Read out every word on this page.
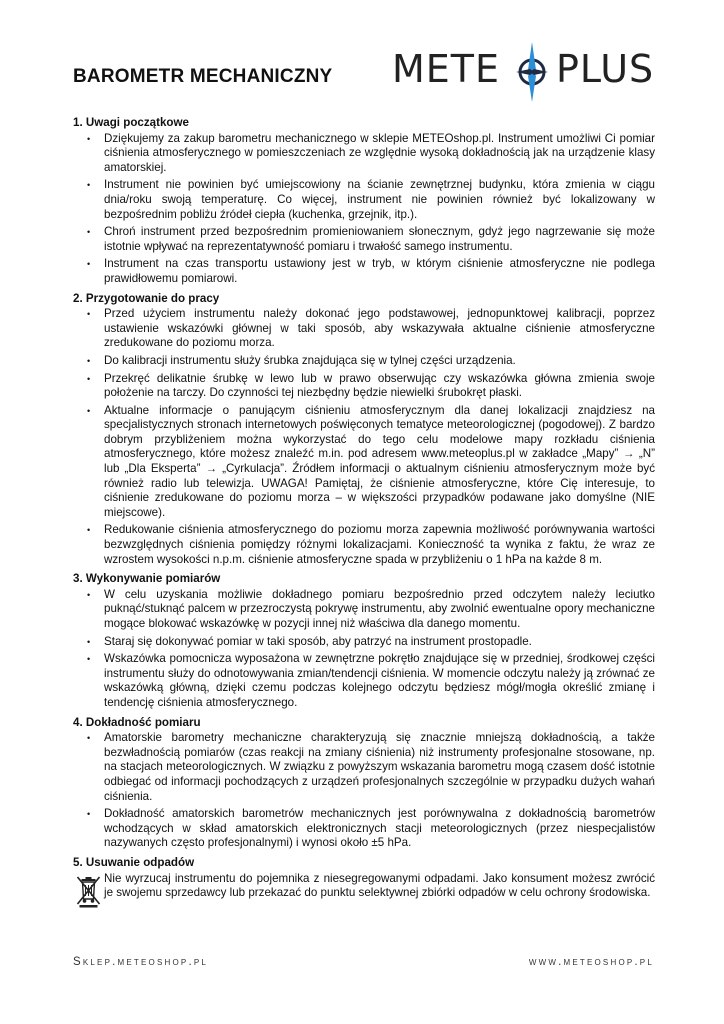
BAROMETR MECHANICZNY METE PLUS
1. Uwagi początkowe
• Dziękujemy za zakup barometru mechanicznego w sklepie METEOshop.pl. Instrument umożliwi Ci pomiar ciśnienia atmosferycznego w pomieszczeniach ze względnie wysoką dokładnością jak na urządzenie klasy amatorskiej.
• Instrument nie powinien być umiejscowiony na ścianie zewnętrznej budynku, która zmienia w ciągu dnia/roku swoją temperaturę. Co więcej, instrument nie powinien również być lokalizowany w bezpośrednim pobliżu źródeł ciepła (kuchenka, grzejnik, itp.).
• Chroń instrument przed bezpośrednim promieniowaniem słonecznym, gdyż jego nagrzewanie się może istotnie wpływać na reprezentatywność pomiaru i trwałość samego instrumentu.
• Instrument na czas transportu ustawiony jest w tryb, w którym ciśnienie atmosferyczne nie podlega prawidłowemu pomiarowi.
2. Przygotowanie do pracy
• Przed użyciem instrumentu należy dokonać jego podstawowej, jednopunktowej kalibracji, poprzez ustawienie wskazówki głównej w taki sposób, aby wskazywała aktualne ciśnienie atmosferyczne zredukowane do poziomu morza.
• Do kalibracji instrumentu służy śrubka znajdująca się w tylnej części urządzenia.
• Przekręć delikatnie śrubkę w lewo lub w prawo obserwując czy wskazówka główna zmienia swoje położenie na tarczy. Do czynności tej niezbędny będzie niewielki śrubokręt płaski.
• Aktualne informacje o panującym ciśnieniu atmosferycznym dla danej lokalizacji znajdziesz na specjalistycznych stronach internetowych poświęconych tematyce meteorologicznej (pogodowej). Z bardzo dobrym przybliżeniem można wykorzystać do tego celu modelowe mapy rozkładu ciśnienia atmosferycznego, które możesz znaleźć m.in. pod adresem www.meteoplus.pl w zakładce „Mapy” → „N” lub „Dla Eksperta” → „Cyrkulacja”. Źródłem informacji o aktualnym ciśnieniu atmosferycznym może być również radio lub telewizja. UWAGA! Pamiętaj, że ciśnienie atmosferyczne, które Cię interesuje, to ciśnienie zredukowane do poziomu morza – w większości przypadków podawane jako domyślne (NIE miejscowe).
• Redukowanie ciśnienia atmosferycznego do poziomu morza zapewnia możliwość porównywania wartości bezwzględnych ciśnienia pomiędzy różnymi lokalizacjami. Konieczność ta wynika z faktu, że wraz ze wzrostem wysokości n.p.m. ciśnienie atmosferyczne spada w przybliżeniu o 1 hPa na każde 8 m.
3. Wykonywanie pomiarów
• W celu uzyskania możliwie dokładnego pomiaru bezpośrednio przed odczytem należy leciutko puknąć/stuknąć palcem w przezroczystą pokrywę instrumentu, aby zwolnić ewentualne opory mechaniczne mogące blokować wskazówkę w pozycji innej niż właściwa dla danego momentu.
• Staraj się dokonywać pomiar w taki sposób, aby patrzyć na instrument prostopadle.
• Wskazówka pomocnicza wyposażona w zewnętrzne pokrętło znajdujące się w przedniej, środkowej części instrumentu służy do odnotowywania zmian/tendencji ciśnienia. W momencie odczytu należy ją zrównać ze wskazówką główną, dzięki czemu podczas kolejnego odczytu będziesz mógł/mogła określić zmianę i tendencję ciśnienia atmosferycznego.
4. Dokładność pomiaru
• Amatorskie barometry mechaniczne charakteryzują się znacznie mniejszą dokładnością, a także bezwładnością pomiarów (czas reakcji na zmiany ciśnienia) niż instrumenty profesjonalne stosowane, np. na stacjach meteorologicznych. W związku z powyższym wskazania barometru mogą czasem dość istotnie odbiegać od informacji pochodzących z urządzeń profesjonalnych szczególnie w przypadku dużych wahań ciśnienia.
• Dokładność amatorskich barometrów mechanicznych jest porównywalna z dokładnością barometrów wchodzących w skład amatorskich elektronicznych stacji meteorologicznych (przez niespecjalistów nazywanych często profesjonalnymi) i wynosi około ±5 hPa.
5. Usuwanie odpadów

Nie wyrzucaj instrumentu do pojemnika z niesegregowanymi odpadami. Jako konsument możesz zwrócić je swojemu sprzedawcy lub przekazać do punktu selektywnej zbiórki odpadów w celu ochrony środowiska.

Sklep.meteoshop.pl	www.meteoshop.pl
